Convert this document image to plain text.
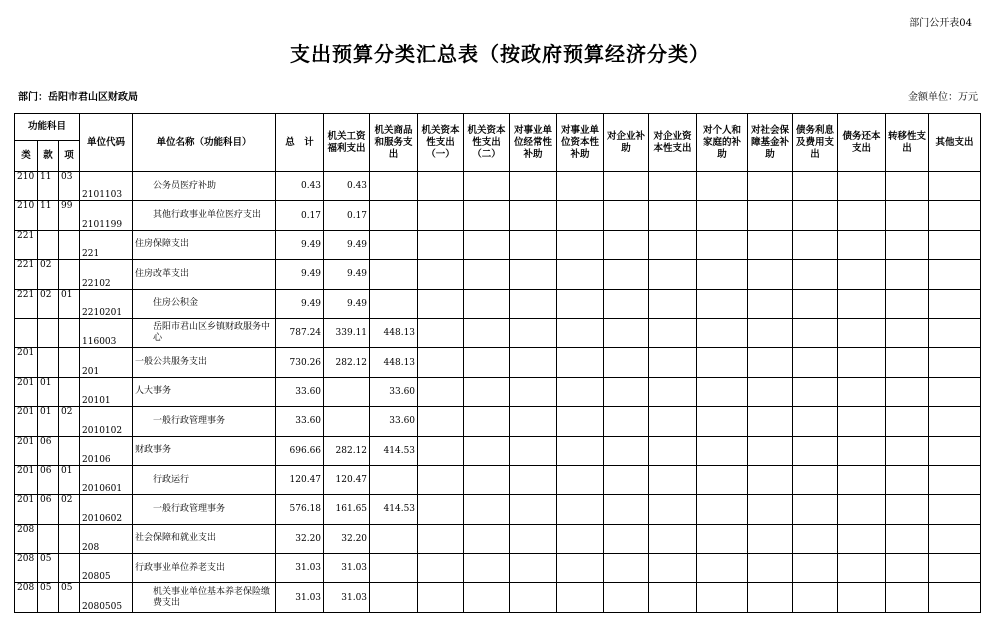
部门公开表04
支出预算分类汇总表（按政府预算经济分类）
部门：岳阳市君山区财政局	金额单位：万元
功能科目			单位代码	单位名称（功能科目）	总　计	机关工资福利支出	机关商品和服务支出	机关资本性支出（一）	机关资本性支出（二）	对事业单位经常性补助	对事业单位资本性补助	对企业补助	对企业资本性支出	对个人和家庭的补助	对社会保障基金补助	债务利息及费用支出	债务还本支出	转移性支出	其他支出
类	款	项																	
210	11	03	2101103	公务员医疗补助	0.43	0.43													
210	11	99	2101199	其他行政事业单位医疗支出	0.17	0.17													
221			221	住房保障支出	9.49	9.49													
221	02		22102	住房改革支出	9.49	9.49													
221	02	01	2210201	住房公积金	9.49	9.49													
			116003	岳阳市君山区乡镇财政服务中心	787.24	339.11	448.13												
201			201	一般公共服务支出	730.26	282.12	448.13												
201	01		20101	人大事务	33.60		33.60												
201	01	02	2010102	一般行政管理事务	33.60		33.60												
201	06		20106	财政事务	696.66	282.12	414.53												
201	06	01	2010601	行政运行	120.47	120.47													
201	06	02	2010602	一般行政管理事务	576.18	161.65	414.53												
208			208	社会保障和就业支出	32.20	32.20													
208	05		20805	行政事业单位养老支出	31.03	31.03													
208	05	05	2080505	机关事业单位基本养老保险缴费支出	31.03	31.03													
